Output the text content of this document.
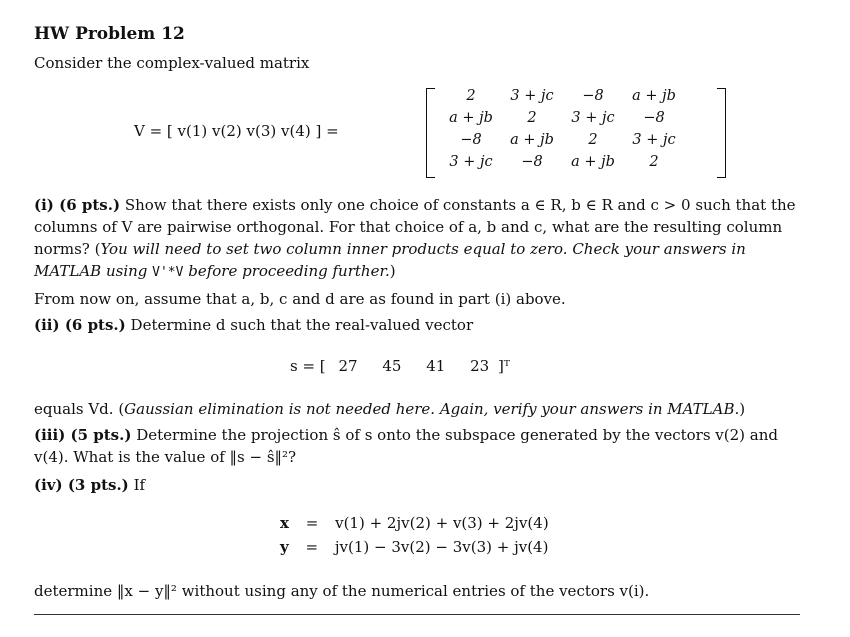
HW Problem 12
Consider the complex-valued matrix
V = [ v(1) v(2) v(3) v(4) ] =
2	3 + jc	−8	a + jb
a + jb	2	3 + jc	−8
−8	a + jb	2	3 + jc
3 + jc	−8	a + jb	2
(i) (6 pts.) Show that there exists only one choice of constants a ∈ R, b ∈ R and c > 0 such that the columns of V are pairwise orthogonal. For that choice of a, b and c, what are the resulting column norms? (You will need to set two column inner products equal to zero. Check your answers in MATLAB using V'*V before proceeding further.)
From now on, assume that a, b, c and d are as found in part (i) above.
(ii) (6 pts.) Determine d such that the real-valued vector
s = [ 27 45 41 23 ]ᵀ
equals Vd. (Gaussian elimination is not needed here. Again, verify your answers in MATLAB.)
(iii) (5 pts.) Determine the projection ŝ of s onto the subspace generated by the vectors v(2) and v(4). What is the value of ‖s − ŝ‖²?
(iv) (3 pts.) If
x = v(1) + 2jv(2) + v(3) + 2jv(4)
y = jv(1) − 3v(2) − 3v(3) + jv(4)
determine ‖x − y‖² without using any of the numerical entries of the vectors v(i).
